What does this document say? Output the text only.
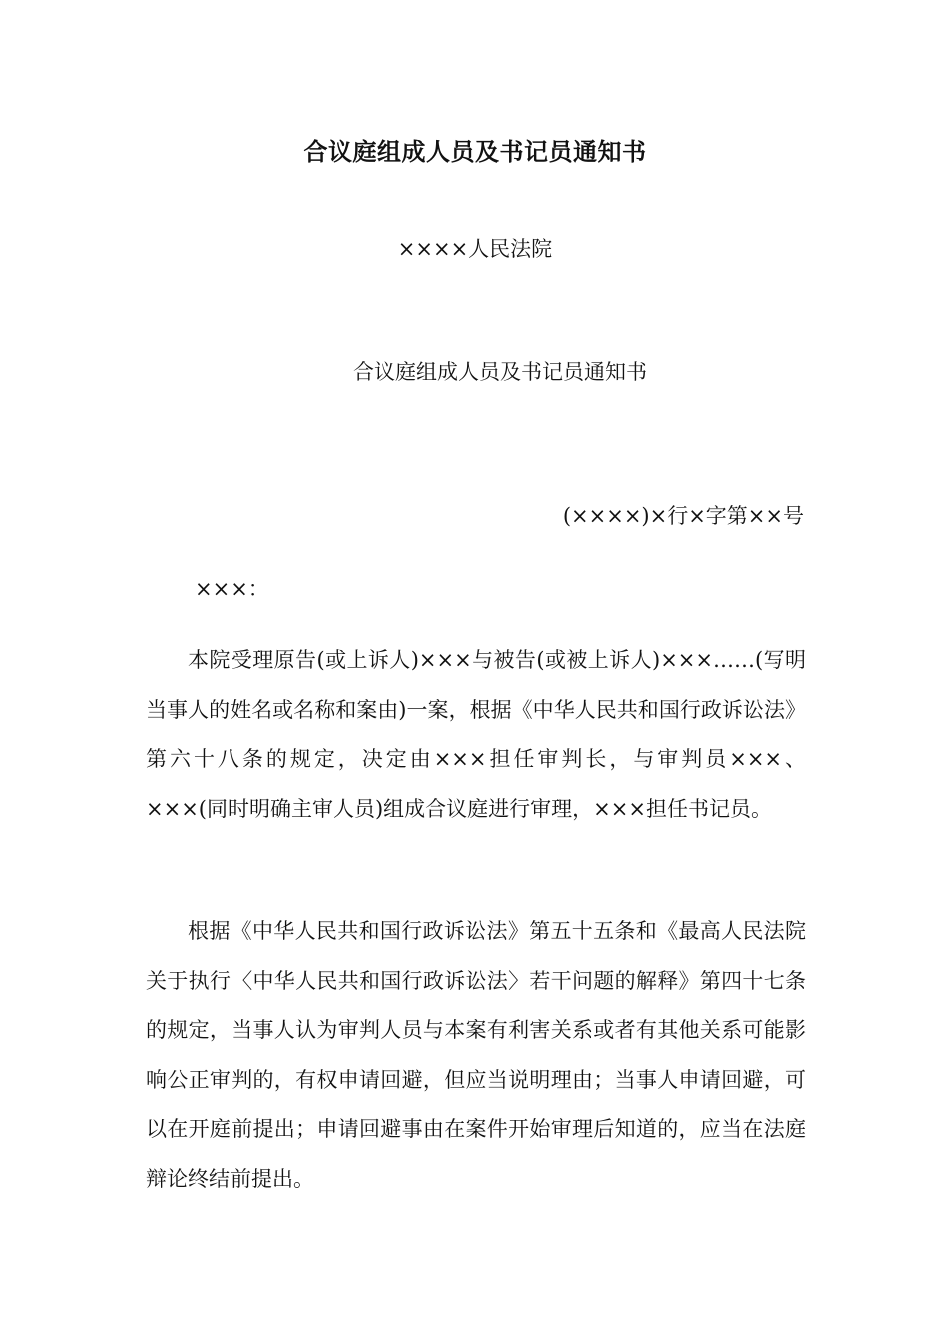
合议庭组成人员及书记员通知书
××××人民法院
合议庭组成人员及书记员通知书
(××××)×行×字第××号
×××：

本院受理原告(或上诉人)×××与被告(或被上诉人)×××……(写明当事人的姓名或名称和案由)一案，根据《中华人民共和国行政诉讼法》第六十八条的规定，决定由×××担任审判长，与审判员×××、×××(同时明确主审人员)组成合议庭进行审理，×××担任书记员。

根据《中华人民共和国行政诉讼法》第五十五条和《最高人民法院关于执行〈中华人民共和国行政诉讼法〉若干问题的解释》第四十七条的规定，当事人认为审判人员与本案有利害关系或者有其他关系可能影响公正审判的，有权申请回避，但应当说明理由；当事人申请回避，可以在开庭前提出；申请回避事由在案件开始审理后知道的，应当在法庭辩论终结前提出。
